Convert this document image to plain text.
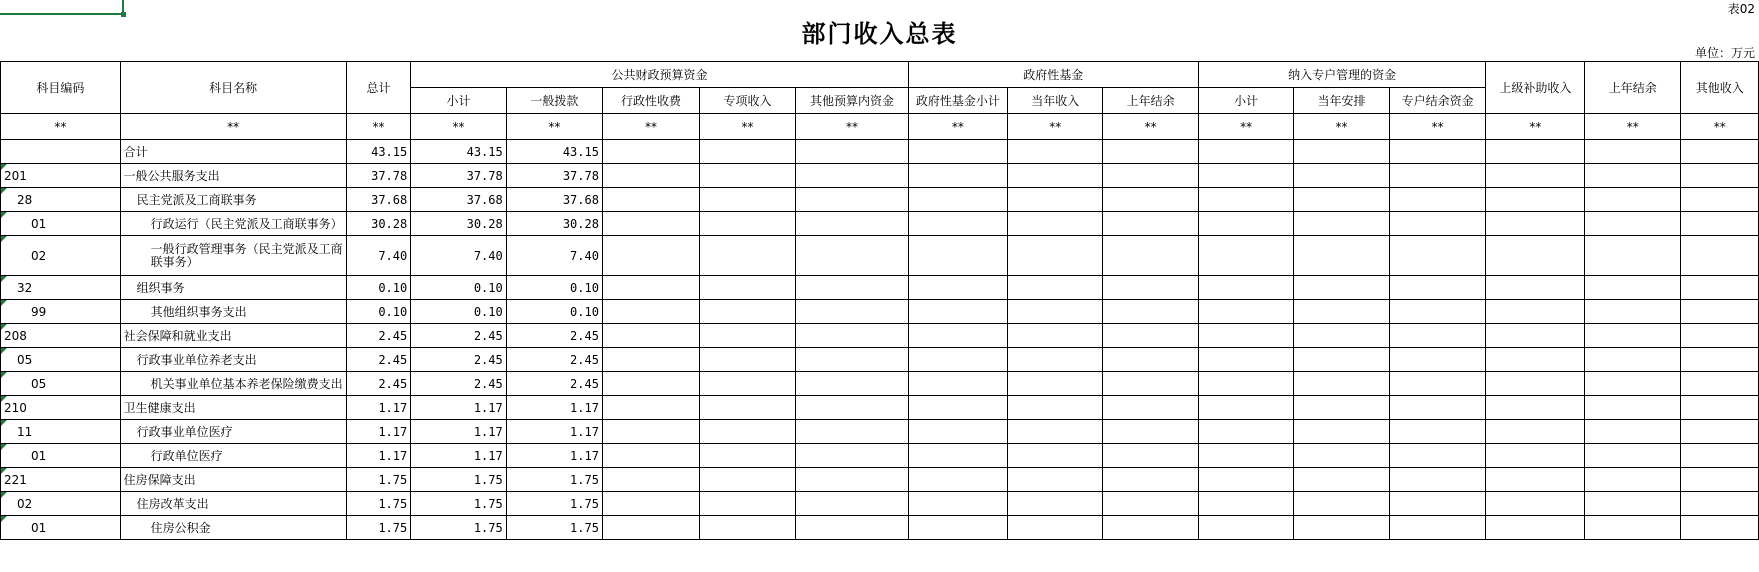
表02
部门收入总表
单位：万元
科目编码	科目名称	总计	公共财政预算资金					政府性基金			纳入专户管理的资金			上级补助收入	上年结余	其他收入
			小计	一般拨款	行政性收费	专项收入	其他预算内资金	政府性基金小计	当年收入	上年结余	小计	当年安排	专户结余资金			
**	**	**	**	**	**	**	**	**	**	**	**	**	**	**	**	**
	合计	43.15	43.15	43.15												
201	一般公共服务支出	37.78	37.78	37.78												
28	民主党派及工商联事务	37.68	37.68	37.68												
01	行政运行（民主党派及工商联事务）	30.28	30.28	30.28												
02	一般行政管理事务（民主党派及工商联事务）	7.40	7.40	7.40												
32	组织事务	0.10	0.10	0.10												
99	其他组织事务支出	0.10	0.10	0.10												
208	社会保障和就业支出	2.45	2.45	2.45												
05	行政事业单位养老支出	2.45	2.45	2.45												
05	机关事业单位基本养老保险缴费支出	2.45	2.45	2.45												
210	卫生健康支出	1.17	1.17	1.17												
11	行政事业单位医疗	1.17	1.17	1.17												
01	行政单位医疗	1.17	1.17	1.17												
221	住房保障支出	1.75	1.75	1.75												
02	住房改革支出	1.75	1.75	1.75												
01	住房公积金	1.75	1.75	1.75												
